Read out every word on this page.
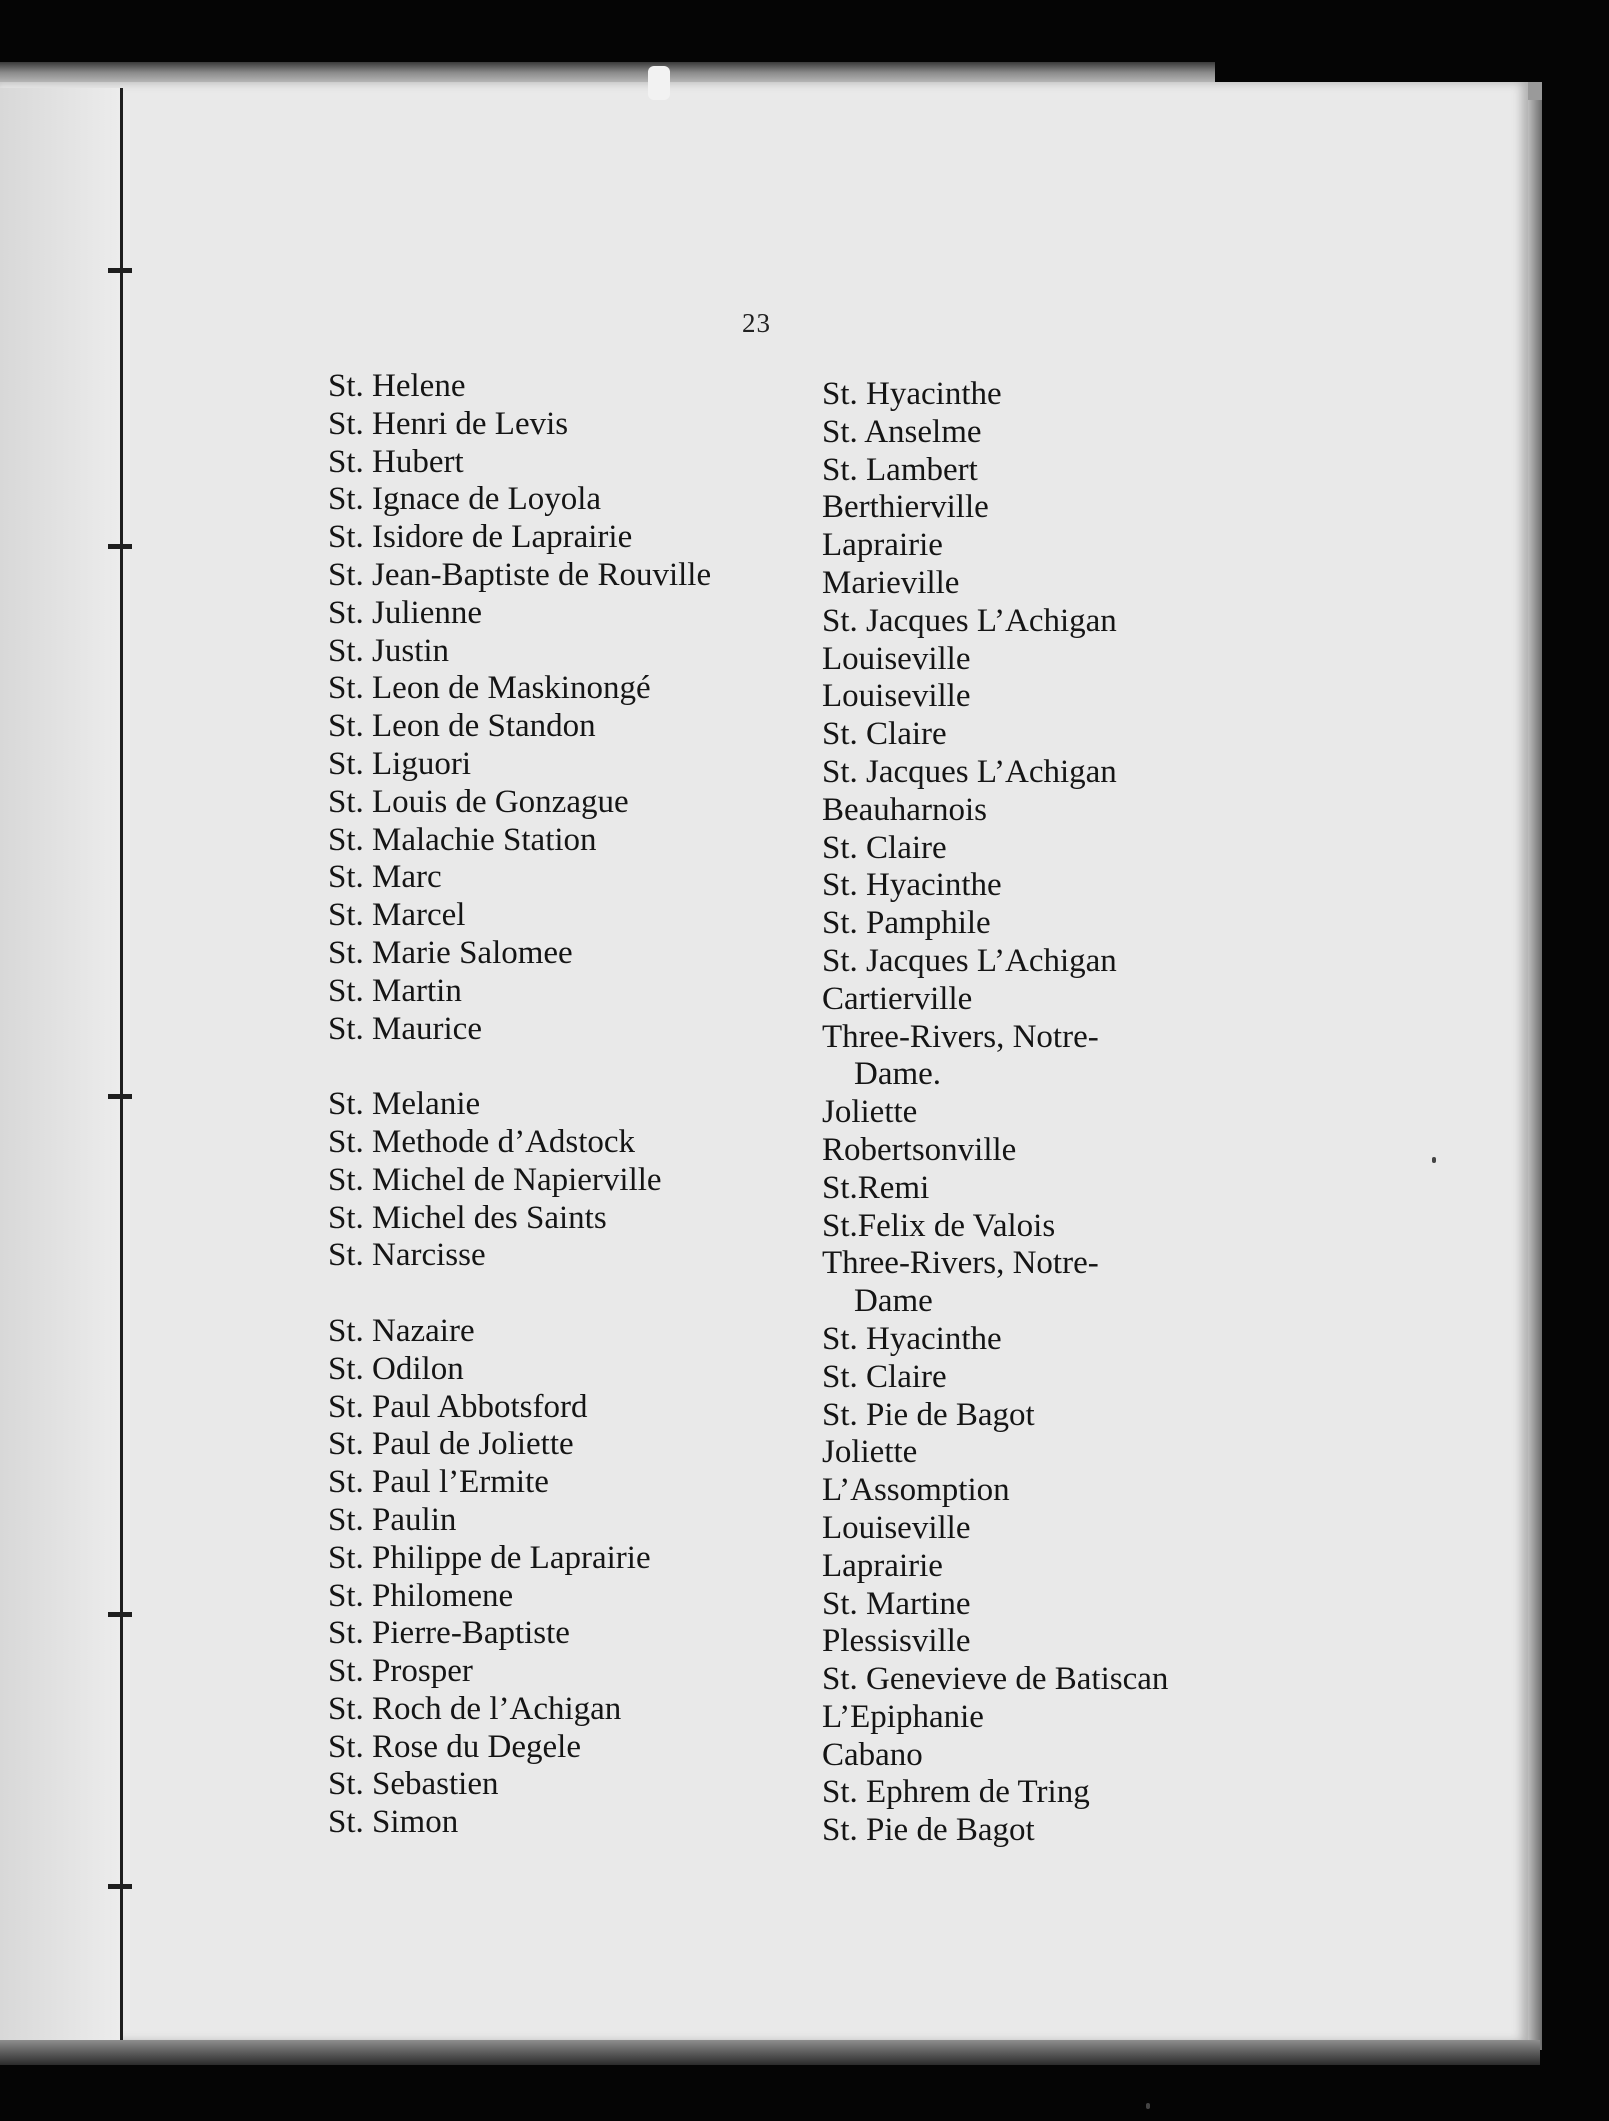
23
St. Helene
St. Henri de Levis
St. Hubert
St. Ignace de Loyola
St. Isidore de Laprairie
St. Jean-Baptiste de Rouville
St. Julienne
St. Justin
St. Leon de Maskinongé
St. Leon de Standon
St. Liguori
St. Louis de Gonzague
St. Malachie Station
St. Marc
St. Marcel
St. Marie Salomee
St. Martin
St. Maurice
St. Melanie
St. Methode d’Adstock
St. Michel de Napierville
St. Michel des Saints
St. Narcisse
St. Nazaire
St. Odilon
St. Paul Abbotsford
St. Paul de Joliette
St. Paul l’Ermite
St. Paulin
St. Philippe de Laprairie
St. Philomene
St. Pierre-Baptiste
St. Prosper
St. Roch de l’Achigan
St. Rose du Degele
St. Sebastien
St. Simon
St. Hyacinthe
St. Anselme
St. Lambert
Berthierville
Laprairie
Marieville
St. Jacques L’Achigan
Louiseville
Louiseville
St. Claire
St. Jacques L’Achigan
Beauharnois
St. Claire
St. Hyacinthe
St. Pamphile
St. Jacques L’Achigan
Cartierville
Three-Rivers, Notre-
Dame.
Joliette
Robertsonville
St.Remi
St.Felix de Valois
Three-Rivers, Notre-
Dame
St. Hyacinthe
St. Claire
St. Pie de Bagot
Joliette
L’Assomption
Louiseville
Laprairie
St. Martine
Plessisville
St. Genevieve de Batiscan
L’Epiphanie
Cabano
St. Ephrem de Tring
St. Pie de Bagot
